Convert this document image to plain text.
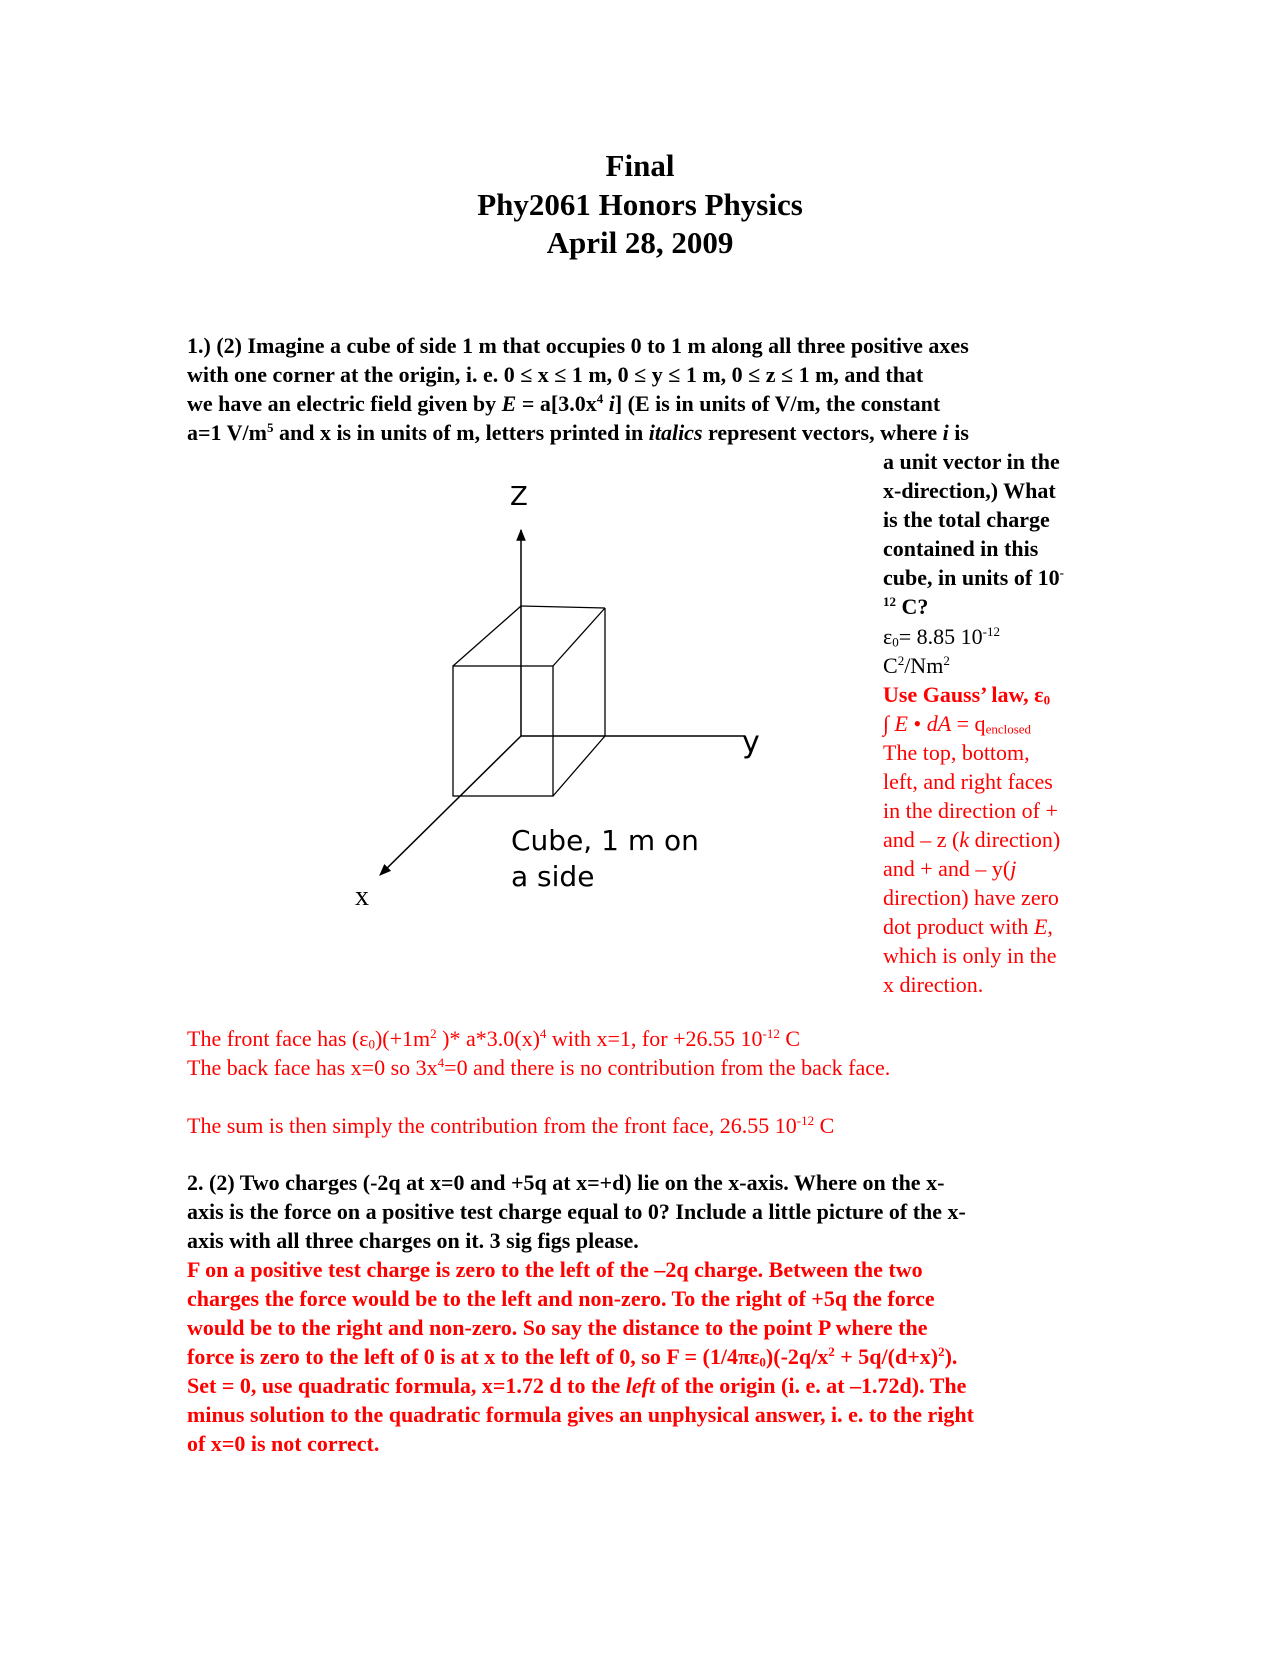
Final
Phy2061 Honors Physics
April 28, 2009
1.) (2) Imagine a cube of side 1 m that occupies 0 to 1 m along all three positive axes
with one corner at the origin, i. e. 0 ≤ x ≤ 1 m, 0 ≤ y ≤ 1 m, 0 ≤ z ≤ 1 m, and that
we have an electric field given by $E = a[3.0x^4$ i] (E is in units of V/m, the constant
a=1 $V/m^5$ and x is in units of m, letters printed in italics represent vectors, where i is
a unit vector in the
x-direction,) What
is the total charge
contained in this
cube, in units of 10-
$^{12}$ C?
$\varepsilon_0= 8.85$ $10^{-12}$
$C^2/Nm^2$
Use Gauss’ law, $\varepsilon_0$
∫ E • dA = $q_{enclosed}$
The top, bottom,
left, and right faces
in the direction of +
and – z (k direction)
and + and – y(j
direction) have zero
dot product with E,
which is only in the
x direction.
Z
y
x
Cube, 1 m on
a side
The front face has $(\varepsilon_0)(+1m^2$ )* $a*3.0(x)^4$ with x=1, for +26.55 $10^{-12}$ C
The back face has x=0 so $3x^4=0$ and there is no contribution from the back face.
The sum is then simply the contribution from the front face, 26.55 $10^{-12}$ C
2. (2) Two charges (-2q at x=0 and +5q at x=+d) lie on the x-axis. Where on the x-
axis is the force on a positive test charge equal to 0? Include a little picture of the x-
axis with all three charges on it. 3 sig figs please.
F on a positive test charge is zero to the left of the –2q charge. Between the two
charges the force would be to the left and non-zero. To the right of +5q the force
would be to the right and non-zero. So say the distance to the point P where the
force is zero to the left of 0 is at x to the left of 0, so $F = (1/4\pi\varepsilon_0)(-2q/x^2 + 5q/(d+x)^2)$.
Set = 0, use quadratic formula, x=1.72 d to the left of the origin (i. e. at –1.72d). The
minus solution to the quadratic formula gives an unphysical answer, i. e. to the right
of x=0 is not correct.
